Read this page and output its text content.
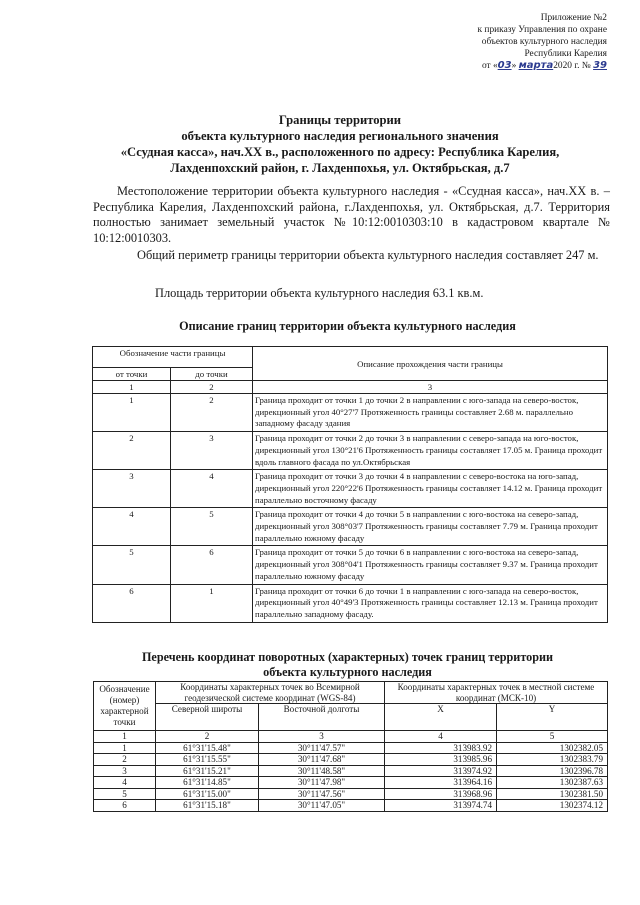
Приложение №2
к приказу Управления по охране
объектов культурного наследия
Республики Карелия
от «03» марта2020 г. № 39
Границы территории
объекта культурного наследия регионального значения
«Ссудная касса», нач.XX в., расположенного по адресу: Республика Карелия,
Лахденпохский район, г. Лахденпохья, ул. Октябрьская, д.7
Местоположение территории объекта культурного наследия - «Ссудная касса», нач.XX в. – Республика Карелия, Лахденпохский района, г.Лахденпохья, ул. Октябрьская, д.7. Территория полностью занимает земельный участок №10:12:0010303:10 в кадастровом квартале № 10:12:0010303.
Общий периметр границы территории объекта культурного наследия составляет 247 м.
Площадь территории объекта культурного наследия 63.1 кв.м.
Описание границ территории объекта культурного наследия
Обозначение части границы		Описание прохождения части границы
от точки	до точки	
1	2	3
1	2	Граница проходит от точки 1 до точки 2 в направлении с юго-запада на северо-восток, дирекционный угол 40°27'7 Протяженность границы составляет 2.68 м. параллельно западному фасаду здания
2	3	Граница проходит от точки 2 до точки 3 в направлении с северо-запада на юго-восток, дирекционный угол 130°21'6 Протяженность границы составляет 17.05 м. Граница проходит вдоль главного фасада по ул.Октябрьская
3	4	Граница проходит от точки 3 до точки 4 в направлении с северо-востока на юго-запад, дирекционный угол 220°22'6 Протяженность границы составляет 14.12 м. Граница проходит параллельно восточному фасаду
4	5	Граница проходит от точки 4 до точки 5 в направлении с юго-востока на северо-запад, дирекционный угол 308°03'7 Протяженность границы составляет 7.79 м. Граница проходит параллельно южному фасаду
5	6	Граница проходит от точки 5 до точки 6 в направлении с юго-востока на северо-запад, дирекционный угол 308°04'1 Протяженность границы составляет 9.37 м. Граница проходит параллельно южному фасаду
6	1	Граница проходит от точки 6 до точки 1 в направлении с юго-запада на северо-восток, дирекционный угол 40°49'3 Протяженность границы составляет 12.13 м. Граница проходит параллельно западному фасаду.
Перечень координат поворотных (характерных) точек границ территории
объекта культурного наследия
Обозначение (номер) характерной точки	Координаты характерных точек во Всемирной геодезической системе координат (WGS-84)		Координаты характерных точек в местной системе координат (МСК-10)	
	Северной широты	Восточной долготы	X	Y
1	2	3	4	5
1	61°31'15.48"	30°11'47.57"	313983.92	1302382.05
2	61°31'15.55"	30°11'47.68"	313985.96	1302383.79
3	61°31'15.21"	30°11'48.58"	313974.92	1302396.78
4	61°31'14.85"	30°11'47.98"	313964.16	1302387.63
5	61°31'15.00"	30°11'47.56"	313968.96	1302381.50
6	61°31'15.18"	30°11'47.05"	313974.74	1302374.12
